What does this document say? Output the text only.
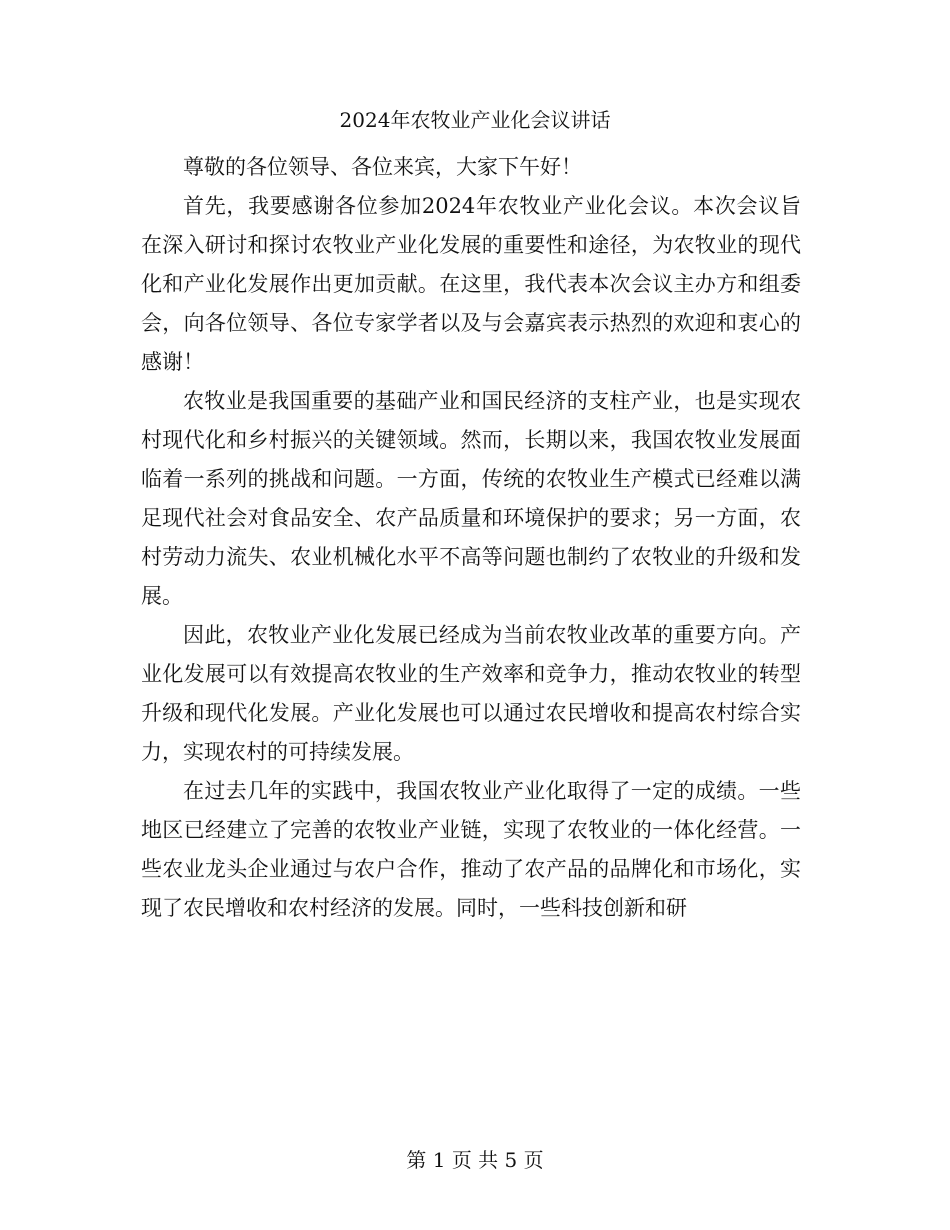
2024年农牧业产业化会议讲话

尊敬的各位领导、各位来宾，大家下午好！

首先，我要感谢各位参加2024年农牧业产业化会议。本次会议旨在深入研讨和探讨农牧业产业化发展的重要性和途径，为农牧业的现代化和产业化发展作出更加贡献。在这里，我代表本次会议主办方和组委会，向各位领导、各位专家学者以及与会嘉宾表示热烈的欢迎和衷心的感谢！

农牧业是我国重要的基础产业和国民经济的支柱产业，也是实现农村现代化和乡村振兴的关键领域。然而，长期以来，我国农牧业发展面临着一系列的挑战和问题。一方面，传统的农牧业生产模式已经难以满足现代社会对食品安全、农产品质量和环境保护的要求；另一方面，农村劳动力流失、农业机械化水平不高等问题也制约了农牧业的升级和发展。

因此，农牧业产业化发展已经成为当前农牧业改革的重要方向。产业化发展可以有效提高农牧业的生产效率和竞争力，推动农牧业的转型升级和现代化发展。产业化发展也可以通过农民增收和提高农村综合实力，实现农村的可持续发展。

在过去几年的实践中，我国农牧业产业化取得了一定的成绩。一些地区已经建立了完善的农牧业产业链，实现了农牧业的一体化经营。一些农业龙头企业通过与农户合作，推动了农产品的品牌化和市场化，实现了农民增收和农村经济的发展。同时，一些科技创新和研

第 1 页 共 5 页
